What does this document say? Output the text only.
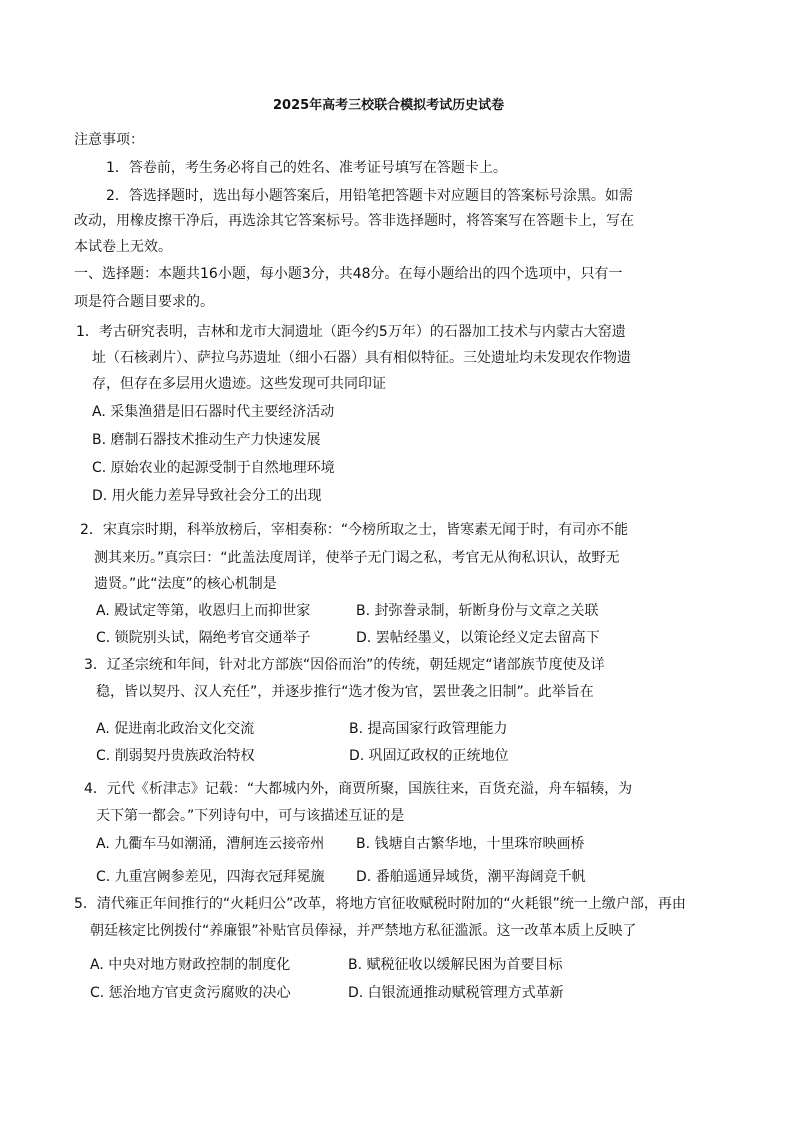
2025年高考三校联合模拟考试历史试卷
注意事项：
1．答卷前，考生务必将自己的姓名、准考证号填写在答题卡上。
2．答选择题时，选出每小题答案后，用铅笔把答题卡对应题目的答案标号涂黑。如需
改动，用橡皮擦干净后，再选涂其它答案标号。答非选择题时，将答案写在答题卡上，写在
本试卷上无效。
一、选择题：本题共16小题，每小题3分，共48分。在每小题给出的四个选项中，只有一
项是符合题目要求的。
1．考古研究表明，吉林和龙市大洞遗址（距今约5万年）的石器加工技术与内蒙古大窑遗
址（石核剥片）、萨拉乌苏遗址（细小石器）具有相似特征。三处遗址均未发现农作物遗
存，但存在多层用火遗迹。这些发现可共同印证
A. 采集渔猎是旧石器时代主要经济活动
B. 磨制石器技术推动生产力快速发展
C. 原始农业的起源受制于自然地理环境
D. 用火能力差异导致社会分工的出现
2．宋真宗时期，科举放榜后，宰相奏称：“今榜所取之士，皆寒素无闻于时，有司亦不能
测其来历。”真宗曰：“此盖法度周详，使举子无门谒之私，考官无从徇私识认，故野无
遗贤。”此“法度”的核心机制是
A. 殿试定等第，收恩归上而抑世家	B. 封弥誊录制，斩断身份与文章之关联
C. 锁院别头试，隔绝考官交通举子	D. 罢帖经墨义，以策论经义定去留高下
3．辽圣宗统和年间，针对北方部族“因俗而治”的传统，朝廷规定“诸部族节度使及详
稳，皆以契丹、汉人充任”，并逐步推行“选才俊为官，罢世袭之旧制”。此举旨在
A. 促进南北政治文化交流	B. 提高国家行政管理能力
C. 削弱契丹贵族政治特权	D. 巩固辽政权的正统地位
4．元代《析津志》记载：“大都城内外，商贾所聚，国族往来，百货充溢，舟车辐辏，为
天下第一都会。”下列诗句中，可与该描述互证的是
A. 九衢车马如潮涌，漕舸连云接帝州 B. 钱塘自古繁华地，十里珠帘映画桥
C. 九重宫阙参差见，四海衣冠拜冕旒 D. 番舶遥通异域货，潮平海阔竞千帆
5．清代雍正年间推行的“火耗归公”改革，将地方官征收赋税时附加的“火耗银”统一上缴户部，再由
朝廷核定比例拨付“养廉银”补贴官员俸禄，并严禁地方私征滥派。这一改革本质上反映了
A. 中央对地方财政控制的制度化	B. 赋税征收以缓解民困为首要目标
C. 惩治地方官吏贪污腐败的决心	D. 白银流通推动赋税管理方式革新
